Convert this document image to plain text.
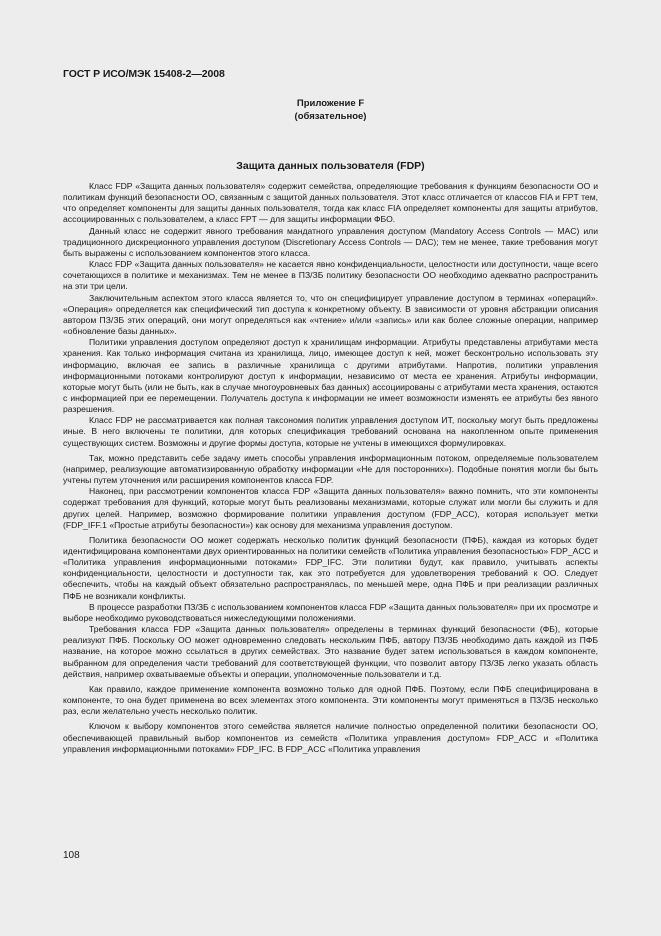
ГОСТ Р ИСО/МЭК 15408-2—2008
Приложение F
(обязательное)
Защита данных пользователя (FDP)

Класс FDP «Защита данных пользователя» содержит семейства, определяющие требования к функциям безопасности ОО и политикам функций безопасности ОО, связанным с защитой данных пользователя. Этот класс отличается от классов FIA и FPT тем, что определяет компоненты для защиты данных пользователя, тогда как класс FIA определяет компоненты для защиты атрибутов, ассоциированных с пользователем, а класс FPT — для защиты информации ФБО.

Данный класс не содержит явного требования мандатного управления доступом (Mandatory Access Controls — MAC) или традиционного дискреционного управления доступом (Discretionary Access Controls — DAC); тем не менее, такие требования могут быть выражены с использованием компонентов этого класса.

Класс FDP «Защита данных пользователя» не касается явно конфиденциальности, целостности или доступности, чаще всего сочетающихся в политике и механизмах. Тем не менее в ПЗ/ЗБ политику безопасности ОО необходимо адекватно распространить на эти три цели.

Заключительным аспектом этого класса является то, что он специфицирует управление доступом в терминах «операций». «Операция» определяется как специфический тип доступа к конкретному объекту. В зависимости от уровня абстракции описания автором ПЗ/ЗБ этих операций, они могут определяться как «чтение» и/или «запись» или как более сложные операции, например «обновление базы данных».

Политики управления доступом определяют доступ к хранилищам информации. Атрибуты представлены атрибутами места хранения. Как только информация считана из хранилища, лицо, имеющее доступ к ней, может бесконтрольно использовать эту информацию, включая ее запись в различные хранилища с другими атрибутами. Напротив, политики управления информационными потоками контролируют доступ к информации, независимо от места ее хранения. Атрибуты информации, которые могут быть (или не быть, как в случае многоуровневых баз данных) ассоциированы с атрибутами места хранения, остаются с информацией при ее перемещении. Получатель доступа к информации не имеет возможности изменять ее атрибуты без явного разрешения.

Класс FDP не рассматривается как полная таксономия политик управления доступом ИТ, поскольку могут быть предложены иные. В него включены те политики, для которых спецификация требований основана на накопленном опыте применения существующих систем. Возможны и другие формы доступа, которые не учтены в имеющихся формулировках.

Так, можно представить себе задачу иметь способы управления информационным потоком, определяемые пользователем (например, реализующие автоматизированную обработку информации «Не для посторонних»). Подобные понятия могли бы быть учтены путем уточнения или расширения компонентов класса FDP.

Наконец, при рассмотрении компонентов класса FDP «Защита данных пользователя» важно помнить, что эти компоненты содержат требования для функций, которые могут быть реализованы механизмами, которые служат или могли бы служить и для других целей. Например, возможно формирование политики управления доступом (FDP_ACC), которая использует метки (FDP_IFF.1 «Простые атрибуты безопасности») как основу для механизма управления доступом.

Политика безопасности ОО может содержать несколько политик функций безопасности (ПФБ), каждая из которых будет идентифицирована компонентами двух ориентированных на политики семейств «Политика управления безопасностью» FDP_ACC и «Политика управления информационными потоками» FDP_IFC. Эти политики будут, как правило, учитывать аспекты конфиденциальности, целостности и доступности так, как это потребуется для удовлетворения требований к ОО. Следует обеспечить, чтобы на каждый объект обязательно распространялась, по меньшей мере, одна ПФБ и при реализации различных ПФБ не возникали конфликты.

В процессе разработки ПЗ/ЗБ с использованием компонентов класса FDP «Защита данных пользователя» при их просмотре и выборе необходимо руководствоваться нижеследующими положениями.

Требования класса FDP «Защита данных пользователя» определены в терминах функций безопасности (ФБ), которые реализуют ПФБ. Поскольку ОО может одновременно следовать нескольким ПФБ, автору ПЗ/ЗБ необходимо дать каждой из ПФБ название, на которое можно ссылаться в других семействах. Это название будет затем использоваться в каждом компоненте, выбранном для определения части требований для соответствующей функции, что позволит автору ПЗ/ЗБ легко указать область действия, например охватываемые объекты и операции, уполномоченные пользователи и т.д.

Как правило, каждое применение компонента возможно только для одной ПФБ. Поэтому, если ПФБ специфицирована в компоненте, то она будет применена во всех элементах этого компонента. Эти компоненты могут применяться в ПЗ/ЗБ несколько раз, если желательно учесть несколько политик.

Ключом к выбору компонентов этого семейства является наличие полностью определенной политики безопасности ОО, обеспечивающей правильный выбор компонентов из семейств «Политика управления доступом» FDP_ACC и «Политика управления информационными потоками» FDP_IFC. В FDP_ACC «Политика управления

108
